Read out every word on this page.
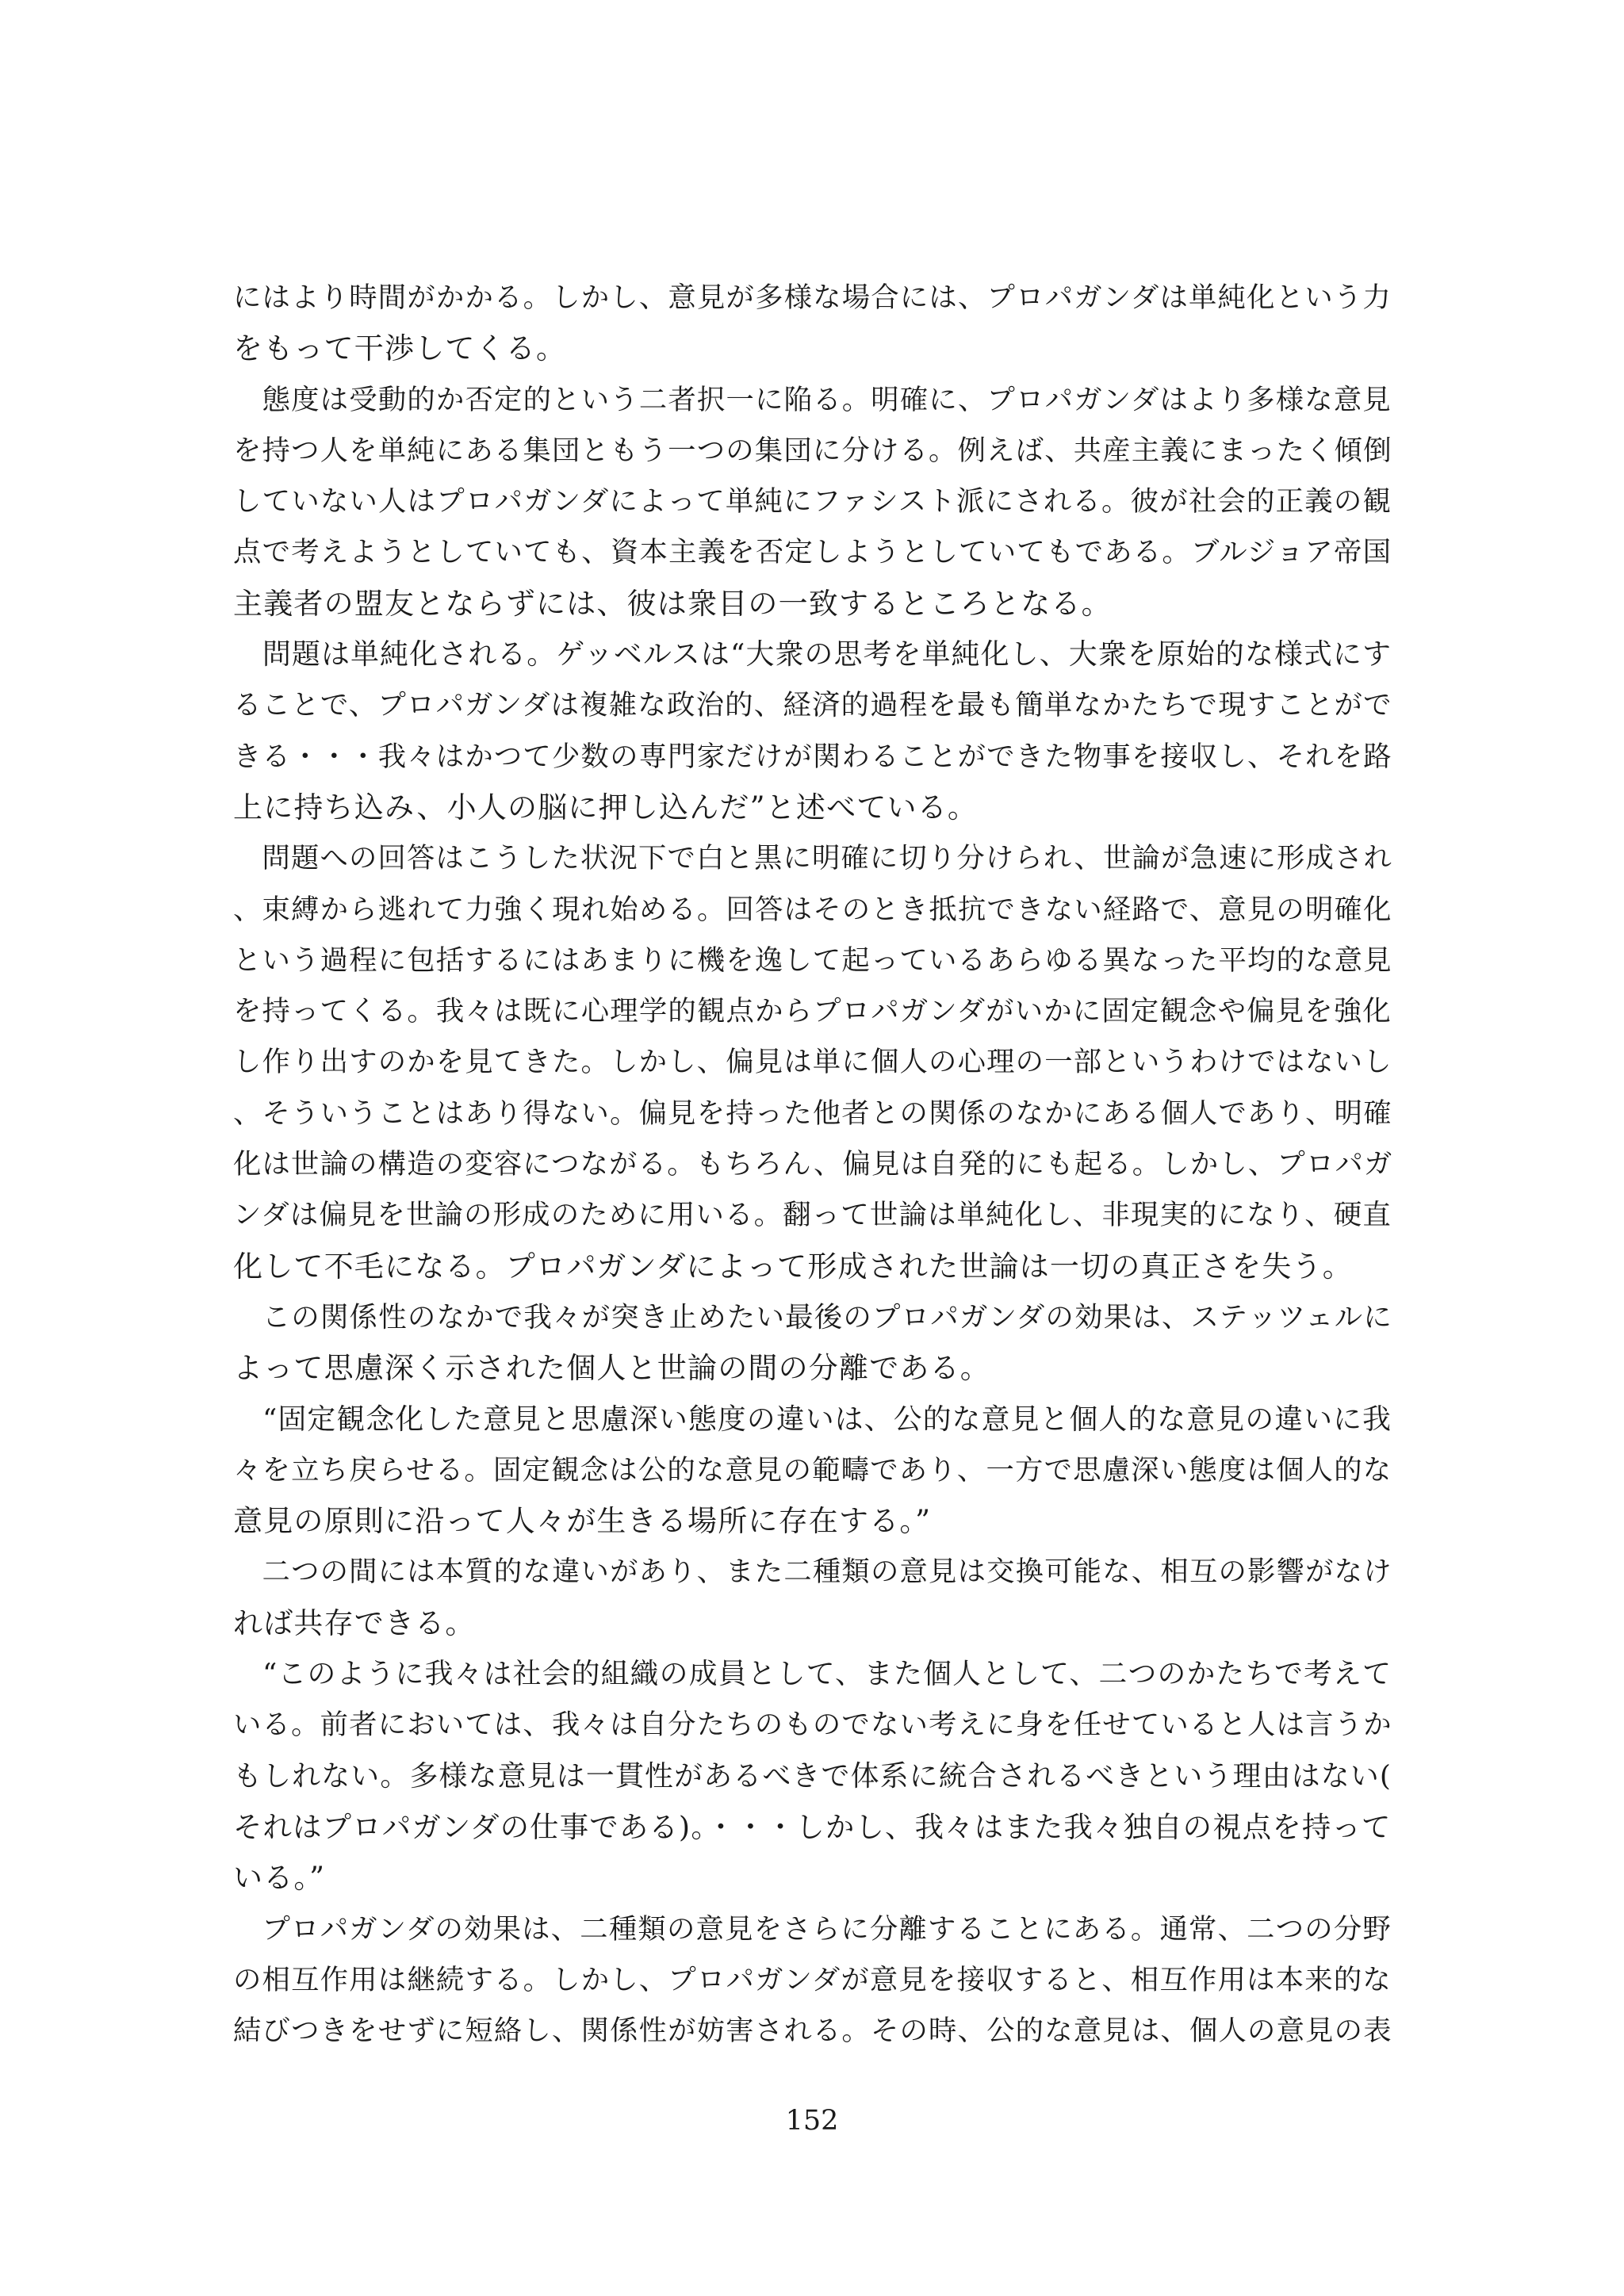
にはより時間がかかる。しかし、意見が多様な場合には、プロパガンダは単純化という力
をもって干渉してくる。
　態度は受動的か否定的という二者択一に陥る。明確に、プロパガンダはより多様な意見
を持つ人を単純にある集団ともう一つの集団に分ける。例えば、共産主義にまったく傾倒
していない人はプロパガンダによって単純にファシスト派にされる。彼が社会的正義の観
点で考えようとしていても、資本主義を否定しようとしていてもである。ブルジョア帝国
主義者の盟友とならずには、彼は衆目の一致するところとなる。
　問題は単純化される。ゲッベルスは“大衆の思考を単純化し、大衆を原始的な様式にす
ることで、プロパガンダは複雑な政治的、経済的過程を最も簡単なかたちで現すことがで
きる・・・我々はかつて少数の専門家だけが関わることができた物事を接収し、それを路
上に持ち込み、小人の脳に押し込んだ”と述べている。
　問題への回答はこうした状況下で白と黒に明確に切り分けられ、世論が急速に形成され
、束縛から逃れて力強く現れ始める。回答はそのとき抵抗できない経路で、意見の明確化
という過程に包括するにはあまりに機を逸して起っているあらゆる異なった平均的な意見
を持ってくる。我々は既に心理学的観点からプロパガンダがいかに固定観念や偏見を強化
し作り出すのかを見てきた。しかし、偏見は単に個人の心理の一部というわけではないし
、そういうことはあり得ない。偏見を持った他者との関係のなかにある個人であり、明確
化は世論の構造の変容につながる。もちろん、偏見は自発的にも起る。しかし、プロパガ
ンダは偏見を世論の形成のために用いる。翻って世論は単純化し、非現実的になり、硬直
化して不毛になる。プロパガンダによって形成された世論は一切の真正さを失う。
　この関係性のなかで我々が突き止めたい最後のプロパガンダの効果は、ステッツェルに
よって思慮深く示された個人と世論の間の分離である。
　“固定観念化した意見と思慮深い態度の違いは、公的な意見と個人的な意見の違いに我
々を立ち戻らせる。固定観念は公的な意見の範疇であり、一方で思慮深い態度は個人的な
意見の原則に沿って人々が生きる場所に存在する。”
　二つの間には本質的な違いがあり、また二種類の意見は交換可能な、相互の影響がなけ
れば共存できる。
　“このように我々は社会的組織の成員として、また個人として、二つのかたちで考えて
いる。前者においては、我々は自分たちのものでない考えに身を任せていると人は言うか
もしれない。多様な意見は一貫性があるべきで体系に統合されるべきという理由はない(
それはプロパガンダの仕事である)。・・・しかし、我々はまた我々独自の視点を持って
いる。”
　プロパガンダの効果は、二種類の意見をさらに分離することにある。通常、二つの分野
の相互作用は継続する。しかし、プロパガンダが意見を接収すると、相互作用は本来的な
結びつきをせずに短絡し、関係性が妨害される。その時、公的な意見は、個人の意見の表
152
